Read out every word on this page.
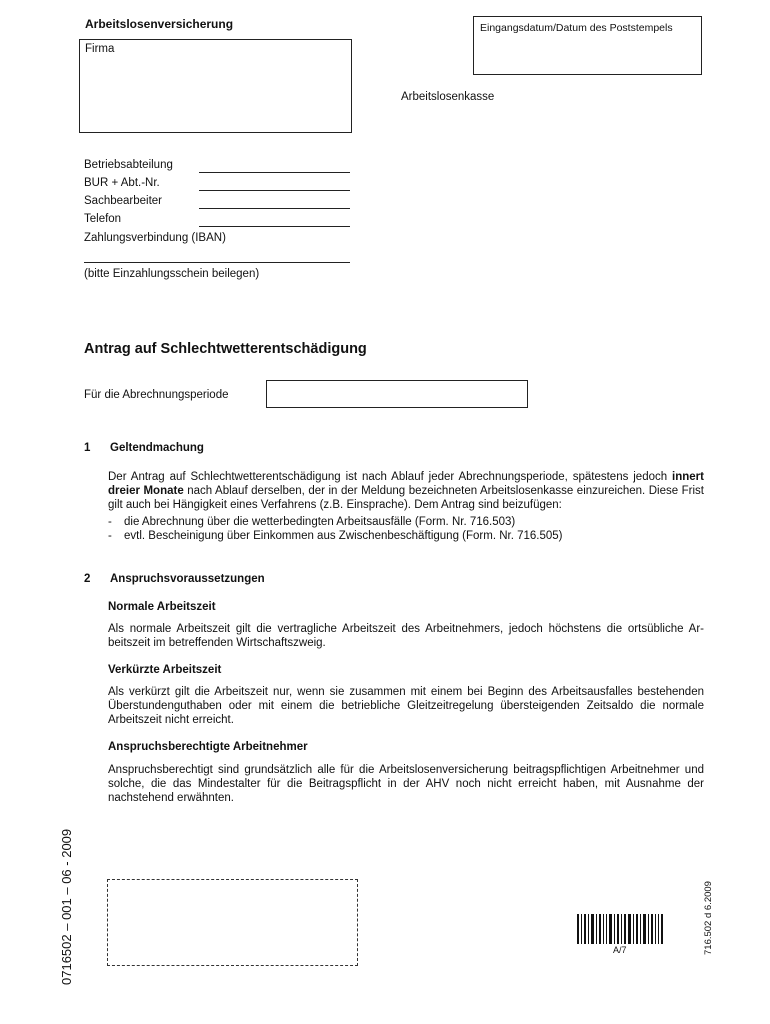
Arbeitslosenversicherung
Firma
Eingangsdatum/Datum des Poststempels
Arbeitslosenkasse
Betriebsabteilung
BUR + Abt.-Nr.
Sachbearbeiter
Telefon
Zahlungsverbindung (IBAN)
(bitte Einzahlungsschein beilegen)
Antrag auf Schlechtwetterentschädigung
Für die Abrechnungsperiode
1 Geltendmachung
Der Antrag auf Schlechtwetterentschädigung ist nach Ablauf jeder Abrechnungsperiode, spätestens jedoch innert dreier Monate nach Ablauf derselben, der in der Meldung bezeichneten Arbeitslosenkasse einzureichen. Diese Frist gilt auch bei Hängigkeit eines Verfahrens (z.B. Einsprache). Dem Antrag sind beizufügen:
- die Abrechnung über die wetterbedingten Arbeitsausfälle (Form. Nr. 716.503)
- evtl. Bescheinigung über Einkommen aus Zwischenbeschäftigung (Form. Nr. 716.505)
2 Anspruchsvoraussetzungen
Normale Arbeitszeit
Als normale Arbeitszeit gilt die vertragliche Arbeitszeit des Arbeitnehmers, jedoch höchstens die ortsübliche Arbeitszeit im betreffenden Wirtschaftszweig.
Verkürzte Arbeitszeit
Als verkürzt gilt die Arbeitszeit nur, wenn sie zusammen mit einem bei Beginn des Arbeitsausfalles bestehenden Überstundenguthaben oder mit einem die betriebliche Gleitzeitregelung übersteigenden Zeitsaldo die normale Arbeitszeit nicht erreicht.
Anspruchsberechtigte Arbeitnehmer
Anspruchsberechtigt sind grundsätzlich alle für die Arbeitslosenversicherung beitragspflichtigen Arbeitnehmer und solche, die das Mindestalter für die Beitragspflicht in der AHV noch nicht erreicht haben, mit Ausnahme der nachstehend erwähnten.
0716502 – 001 – 06 - 2009	A/7	716.502 d 6.2009
